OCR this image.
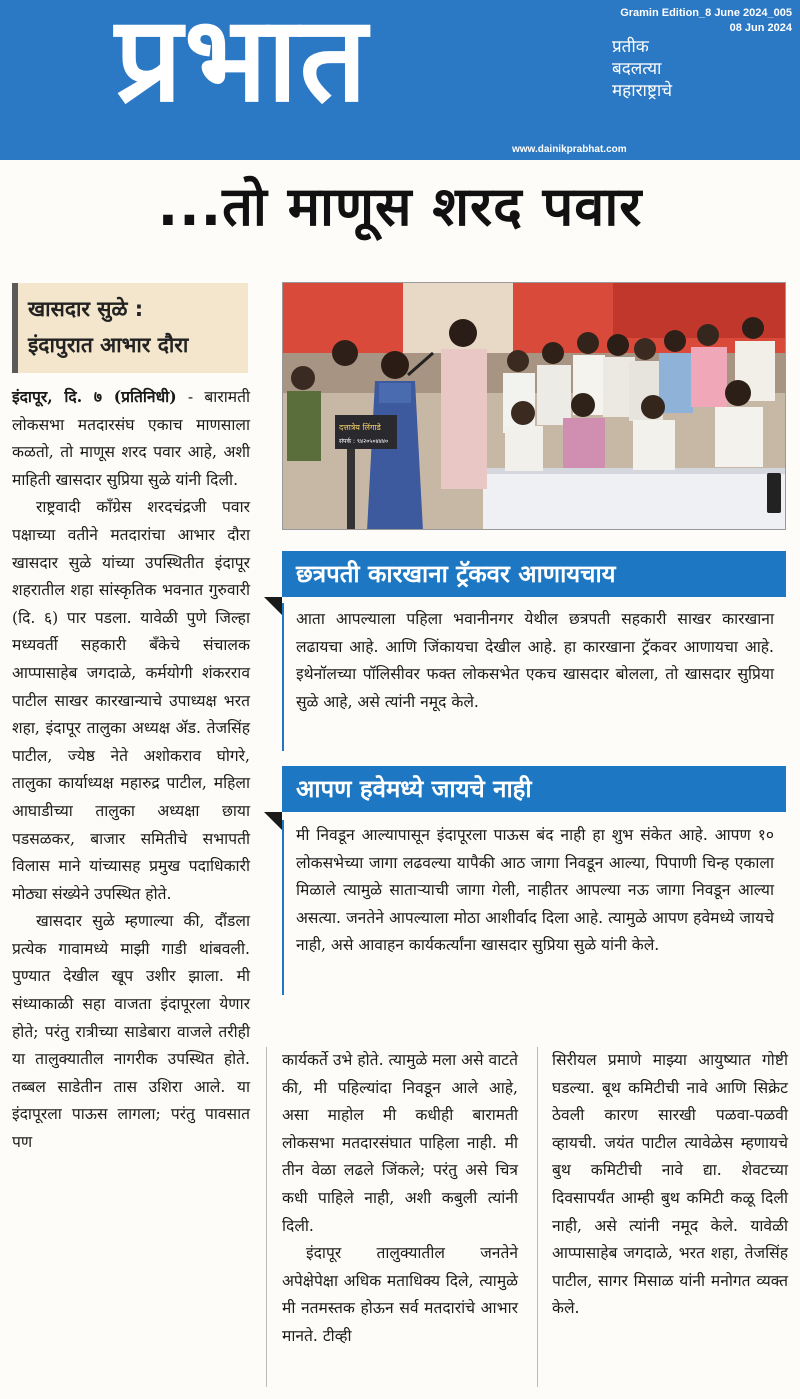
प्रभात	प्रतीक
बदलत्या
महाराष्ट्राचे
Gramin Edition_8 June 2024_005
08 Jun 2024
www.dainikprabhat.com
...तो माणूस शरद पवार
खासदार सुळे :
इंदापुरात आभार दौरा

इंदापूर, दि. ७ (प्रतिनिधी) - बारामती लोकसभा मतदारसंघ एकाच माणसाला कळतो, तो माणूस शरद पवार आहे, अशी माहिती खासदार सुप्रिया सुळे यांनी दिली.

राष्ट्रवादी काँग्रेस शरदचंद्रजी पवार पक्षाच्या वतीने मतदारांचा आभार दौरा खासदार सुळे यांच्या उपस्थितीत इंदापूर शहरातील शहा सांस्कृतिक भवनात गुरुवारी (दि. ६) पार पडला. यावेळी पुणे जिल्हा मध्यवर्ती सहकारी बँकेचे संचालक आप्पासाहेब जगदाळे, कर्मयोगी शंकरराव पाटील साखर कारखान्याचे उपाध्यक्ष भरत शहा, इंदापूर तालुका अध्यक्ष ॲड. तेजसिंह पाटील, ज्येष्ठ नेते अशोकराव घोगरे, तालुका कार्याध्यक्ष महारुद्र पाटील, महिला आघाडीच्या तालुका अध्यक्षा छाया पडसळकर, बाजार समितीचे सभापती विलास माने यांच्यासह प्रमुख पदाधिकारी मोठ्या संख्येने उपस्थित होते.

खासदार सुळे म्हणाल्या की, दौंडला प्रत्येक गावामध्ये माझी गाडी थांबवली. पुण्यात देखील खूप उशीर झाला. मी संध्याकाळी सहा वाजता इंदापूरला येणार होते; परंतु रात्रीच्या साडेबारा वाजले तरीही या तालुक्यातील नागरीक उपस्थित होते. तब्बल साडेतीन तास उशिरा आले. या इंदापूरला पाऊस लागला; परंतु पावसात पण

दत्तात्रेय लिंगाडे
संपर्क : ९४२०५०४४४०
छत्रपती कारखाना ट्रॅकवर आणायचाय
आता आपल्याला पहिला भवानीनगर येथील छत्रपती सहकारी साखर कारखाना लढायचा आहे. आणि जिंकायचा देखील आहे. हा कारखाना ट्रॅकवर आणायचा आहे. इथेनॉलच्या पॉलिसीवर फक्त लोकसभेत एकच खासदार बोलला, तो खासदार सुप्रिया सुळे आहे, असे त्यांनी नमूद केले.
आपण हवेमध्ये जायचे नाही
मी निवडून आल्यापासून इंदापूरला पाऊस बंद नाही हा शुभ संकेत आहे. आपण १० लोकसभेच्या जागा लढवल्या यापैकी आठ जागा निवडून आल्या, पिपाणी चिन्ह एकाला मिळाले त्यामुळे साताऱ्याची जागा गेली, नाहीतर आपल्या नऊ जागा निवडून आल्या असत्या. जनतेने आपल्याला मोठा आशीर्वाद दिला आहे. त्यामुळे आपण हवेमध्ये जायचे नाही, असे आवाहन कार्यकर्त्यांना खासदार सुप्रिया सुळे यांनी केले.

कार्यकर्ते उभे होते. त्यामुळे मला असे वाटते की, मी पहिल्यांदा निवडून आले आहे, असा माहोल मी कधीही बारामती लोकसभा मतदारसंघात पाहिला नाही. मी तीन वेळा लढले जिंकले; परंतु असे चित्र कधी पाहिले नाही, अशी कबुली त्यांनी दिली.

इंदापूर तालुक्यातील जनतेने अपेक्षेपेक्षा अधिक मताधिक्य दिले, त्यामुळे मी नतमस्तक होऊन सर्व मतदारांचे आभार मानते. टीव्ही

सिरीयल प्रमाणे माझ्या आयुष्यात गोष्टी घडल्या. बूथ कमिटीची नावे आणि सिक्रेट ठेवली कारण सारखी पळवा-पळवी व्हायची. जयंत पाटील त्यावेळेस म्हणायचे बुथ कमिटीची नावे द्या. शेवटच्या दिवसापर्यंत आम्ही बुथ कमिटी कळू दिली नाही, असे त्यांनी नमूद केले. यावेळी आप्पासाहेब जगदाळे, भरत शहा, तेजसिंह पाटील, सागर मिसाळ यांनी मनोगत व्यक्त केले.
